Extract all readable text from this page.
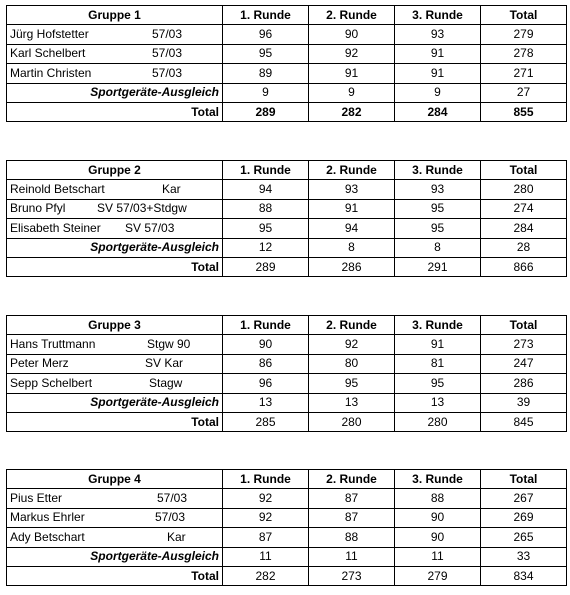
Gruppe 1	1. Runde	2. Runde	3. Runde	Total
Jürg Hofstetter 57/03	96	90	93	279
Karl Schelbert 57/03	95	92	91	278
Martin Christen 57/03	89	91	91	271
Sportgeräte-Ausgleich	9	9	9	27
Total	289	282	284	855
Gruppe 2	1. Runde	2. Runde	3. Runde	Total
Reinold Betschart Kar	94	93	93	280
Bruno Pfyl SV 57/03+Stdgw	88	91	95	274
Elisabeth Steiner SV 57/03	95	94	95	284
Sportgeräte-Ausgleich	12	8	8	28
Total	289	286	291	866
Gruppe 3	1. Runde	2. Runde	3. Runde	Total
Hans Truttmann Stgw 90	90	92	91	273
Peter Merz SV Kar	86	80	81	247
Sepp Schelbert Stagw	96	95	95	286
Sportgeräte-Ausgleich	13	13	13	39
Total	285	280	280	845
Gruppe 4	1. Runde	2. Runde	3. Runde	Total
Pius Etter 57/03	92	87	88	267
Markus Ehrler 57/03	92	87	90	269
Ady Betschart Kar	87	88	90	265
Sportgeräte-Ausgleich	11	11	11	33
Total	282	273	279	834
